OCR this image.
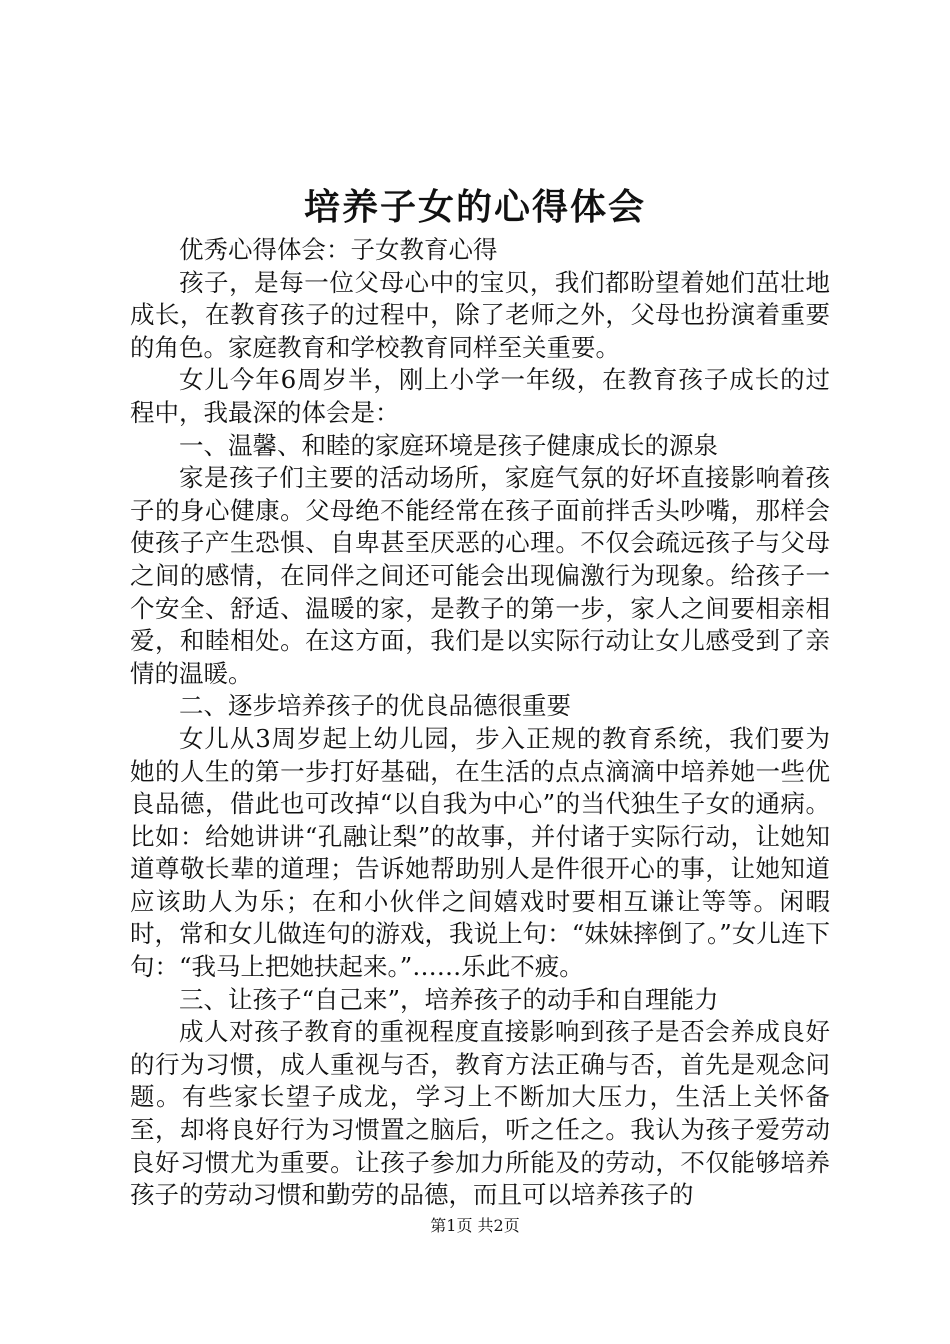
培养子女的心得体会

优秀心得体会：子女教育心得

孩子，是每一位父母心中的宝贝，我们都盼望着她们茁壮地成长，在教育孩子的过程中，除了老师之外，父母也扮演着重要的角色。家庭教育和学校教育同样至关重要。

女儿今年6周岁半，刚上小学一年级，在教育孩子成长的过程中，我最深的体会是：

一、温馨、和睦的家庭环境是孩子健康成长的源泉

家是孩子们主要的活动场所，家庭气氛的好坏直接影响着孩子的身心健康。父母绝不能经常在孩子面前拌舌头吵嘴，那样会使孩子产生恐惧、自卑甚至厌恶的心理。不仅会疏远孩子与父母之间的感情，在同伴之间还可能会出现偏激行为现象。给孩子一个安全、舒适、温暖的家，是教子的第一步，家人之间要相亲相爱，和睦相处。在这方面，我们是以实际行动让女儿感受到了亲情的温暖。

二、逐步培养孩子的优良品德很重要

女儿从3周岁起上幼儿园，步入正规的教育系统，我们要为她的人生的第一步打好基础，在生活的点点滴滴中培养她一些优良品德，借此也可改掉“以自我为中心”的当代独生子女的通病。比如：给她讲讲“孔融让梨”的故事，并付诸于实际行动，让她知道尊敬长辈的道理；告诉她帮助别人是件很开心的事，让她知道应该助人为乐；在和小伙伴之间嬉戏时要相互谦让等等。闲暇时，常和女儿做连句的游戏，我说上句：“妹妹摔倒了。”女儿连下句：“我马上把她扶起来。”……乐此不疲。

三、让孩子“自己来”，培养孩子的动手和自理能力

成人对孩子教育的重视程度直接影响到孩子是否会养成良好的行为习惯，成人重视与否，教育方法正确与否，首先是观念问题。有些家长望子成龙，学习上不断加大压力，生活上关怀备至，却将良好行为习惯置之脑后，听之任之。我认为孩子爱劳动良好习惯尤为重要。让孩子参加力所能及的劳动，不仅能够培养孩子的劳动习惯和勤劳的品德，而且可以培养孩子的

第1页 共2页
